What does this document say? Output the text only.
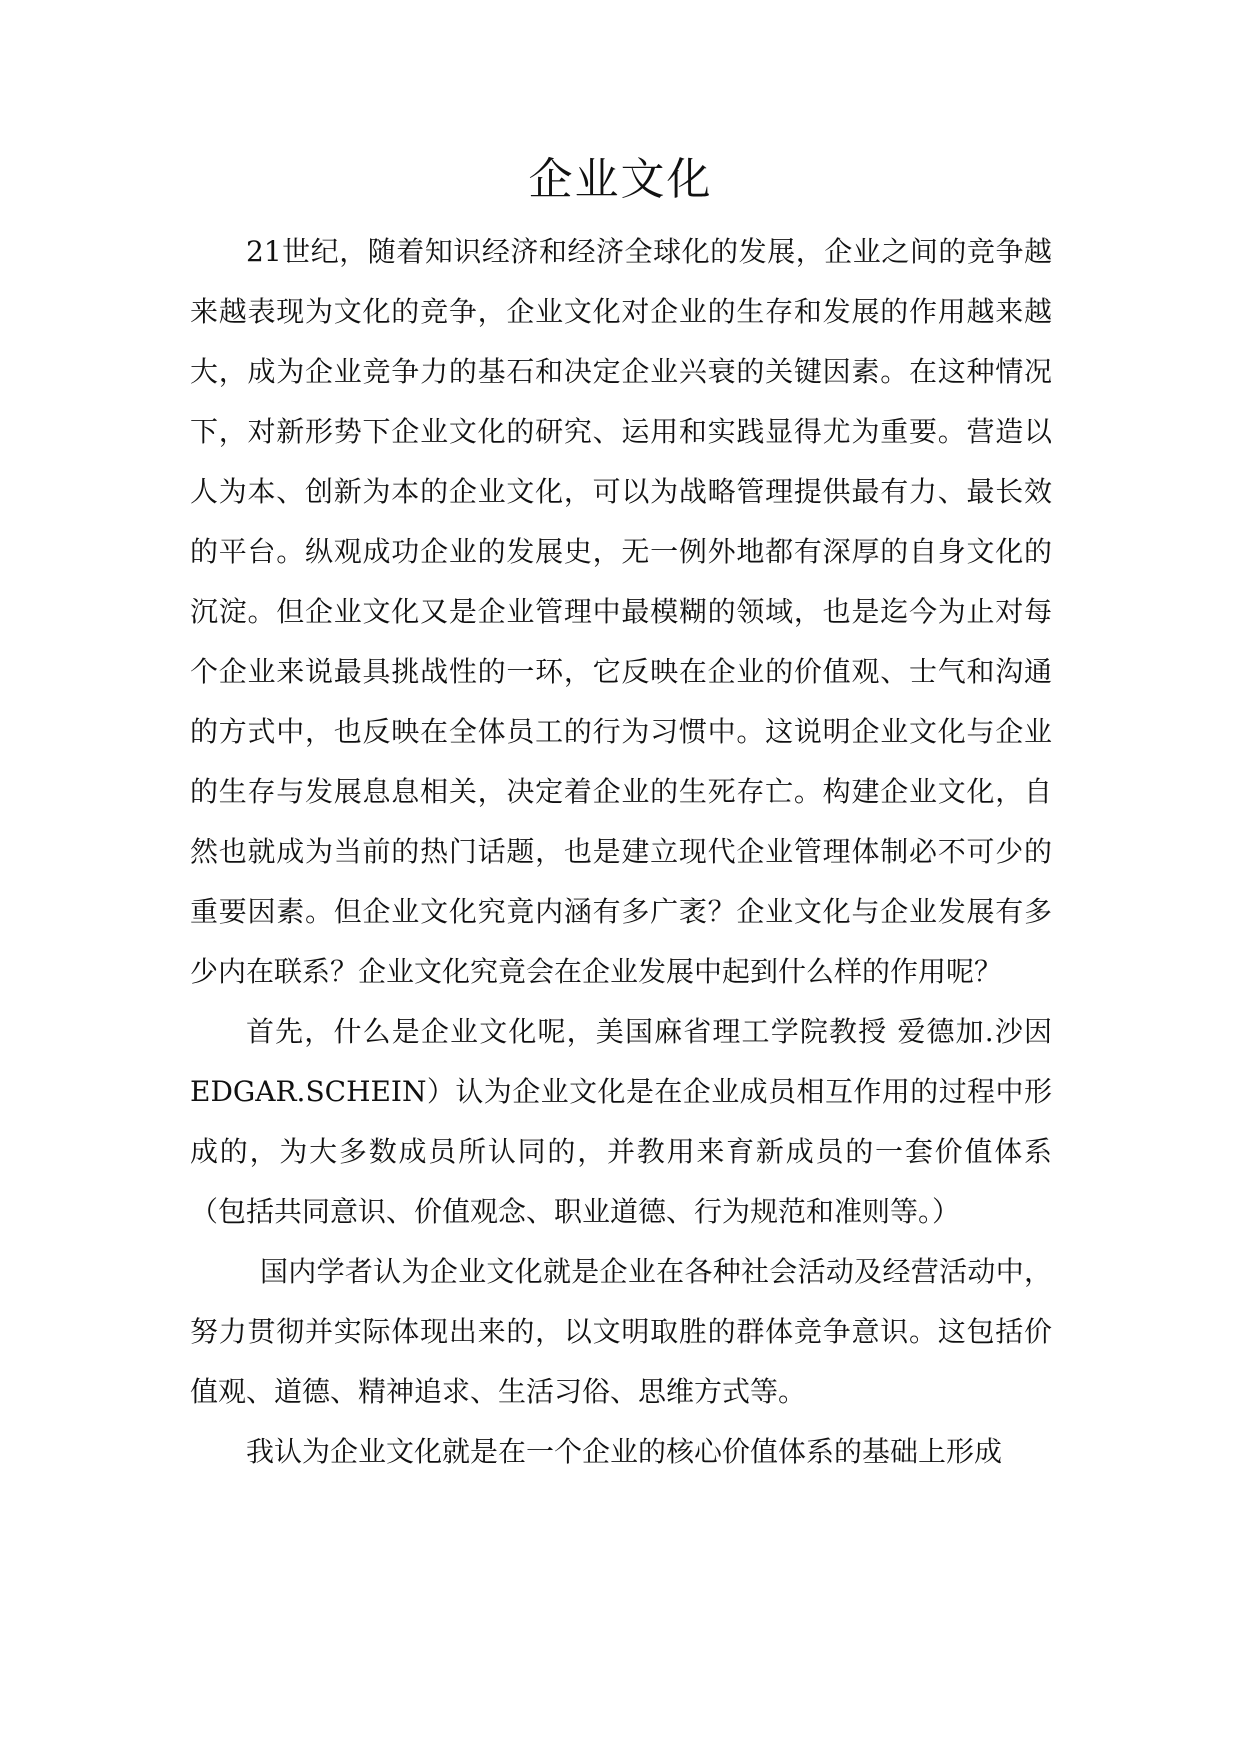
企业文化

21世纪，随着知识经济和经济全球化的发展，企业之间的竞争越来越表现为文化的竞争，企业文化对企业的生存和发展的作用越来越大，成为企业竞争力的基石和决定企业兴衰的关键因素。在这种情况下，对新形势下企业文化的研究、运用和实践显得尤为重要。营造以人为本、创新为本的企业文化，可以为战略管理提供最有力、最长效的平台。纵观成功企业的发展史，无一例外地都有深厚的自身文化的沉淀。但企业文化又是企业管理中最模糊的领域，也是迄今为止对每个企业来说最具挑战性的一环，它反映在企业的价值观、士气和沟通的方式中，也反映在全体员工的行为习惯中。这说明企业文化与企业的生存与发展息息相关，决定着企业的生死存亡。构建企业文化，自然也就成为当前的热门话题，也是建立现代企业管理体制必不可少的重要因素。但企业文化究竟内涵有多广袤？企业文化与企业发展有多少内在联系？企业文化究竟会在企业发展中起到什么样的作用呢？

首先，什么是企业文化呢，美国麻省理工学院教授 爱德加.沙因EDGAR.SCHEIN）认为企业文化是在企业成员相互作用的过程中形成的，为大多数成员所认同的，并教用来育新成员的一套价值体系（包括共同意识、价值观念、职业道德、行为规范和准则等。）

国内学者认为企业文化就是企业在各种社会活动及经营活动中，努力贯彻并实际体现出来的，以文明取胜的群体竞争意识。这包括价值观、道德、精神追求、生活习俗、思维方式等。

我认为企业文化就是在一个企业的核心价值体系的基础上形成
